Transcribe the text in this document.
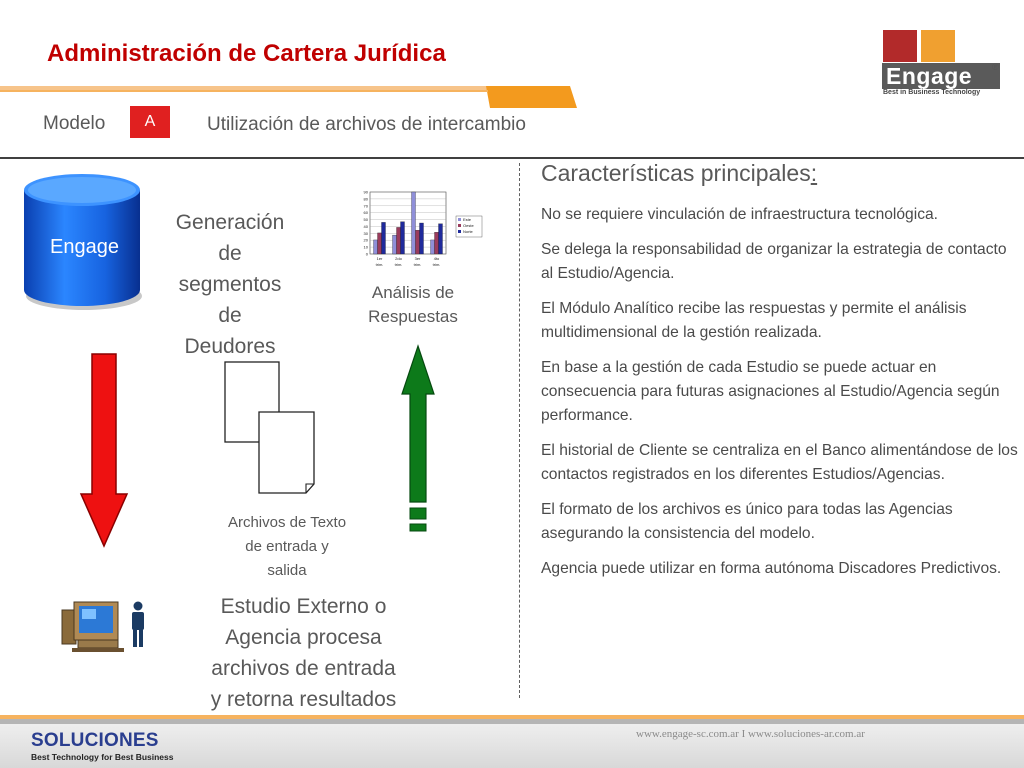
Administración de Cartera Jurídica
Engage	®
Best in Business Technology
Modelo	A	Utilización de archivos de intercambio
Engage
Generación
de
segmentos
de
Deudores
0
10
20
30
40
50
60
70
80
90
1er
trim.
2do
trim.
3er
trim.
4to
trim.
Este
Oeste
Norte
Análisis de
Respuestas
Archivos de Texto
de entrada y
salida
Estudio Externo o
Agencia procesa
archivos de entrada
y retorna resultados
Características principales:
No se requiere vinculación de infraestructura tecnológica.
Se delega la responsabilidad de organizar la estrategia de contacto al Estudio/Agencia.
El Módulo Analítico recibe las respuestas y permite el análisis multidimensional de la gestión realizada.
En base a la gestión de cada Estudio se puede actuar en consecuencia para futuras asignaciones al Estudio/Agencia según performance.
El historial de Cliente se centraliza en el Banco alimentándose de los contactos registrados en los diferentes Estudios/Agencias.
El formato de los archivos es único para todas las Agencias asegurando la consistencia del modelo.
Agencia puede utilizar en forma autónoma Discadores Predictivos.
www.engage-sc.com.ar I www.soluciones-ar.com.ar
SOLUCIONES
Best Technology for Best Business
